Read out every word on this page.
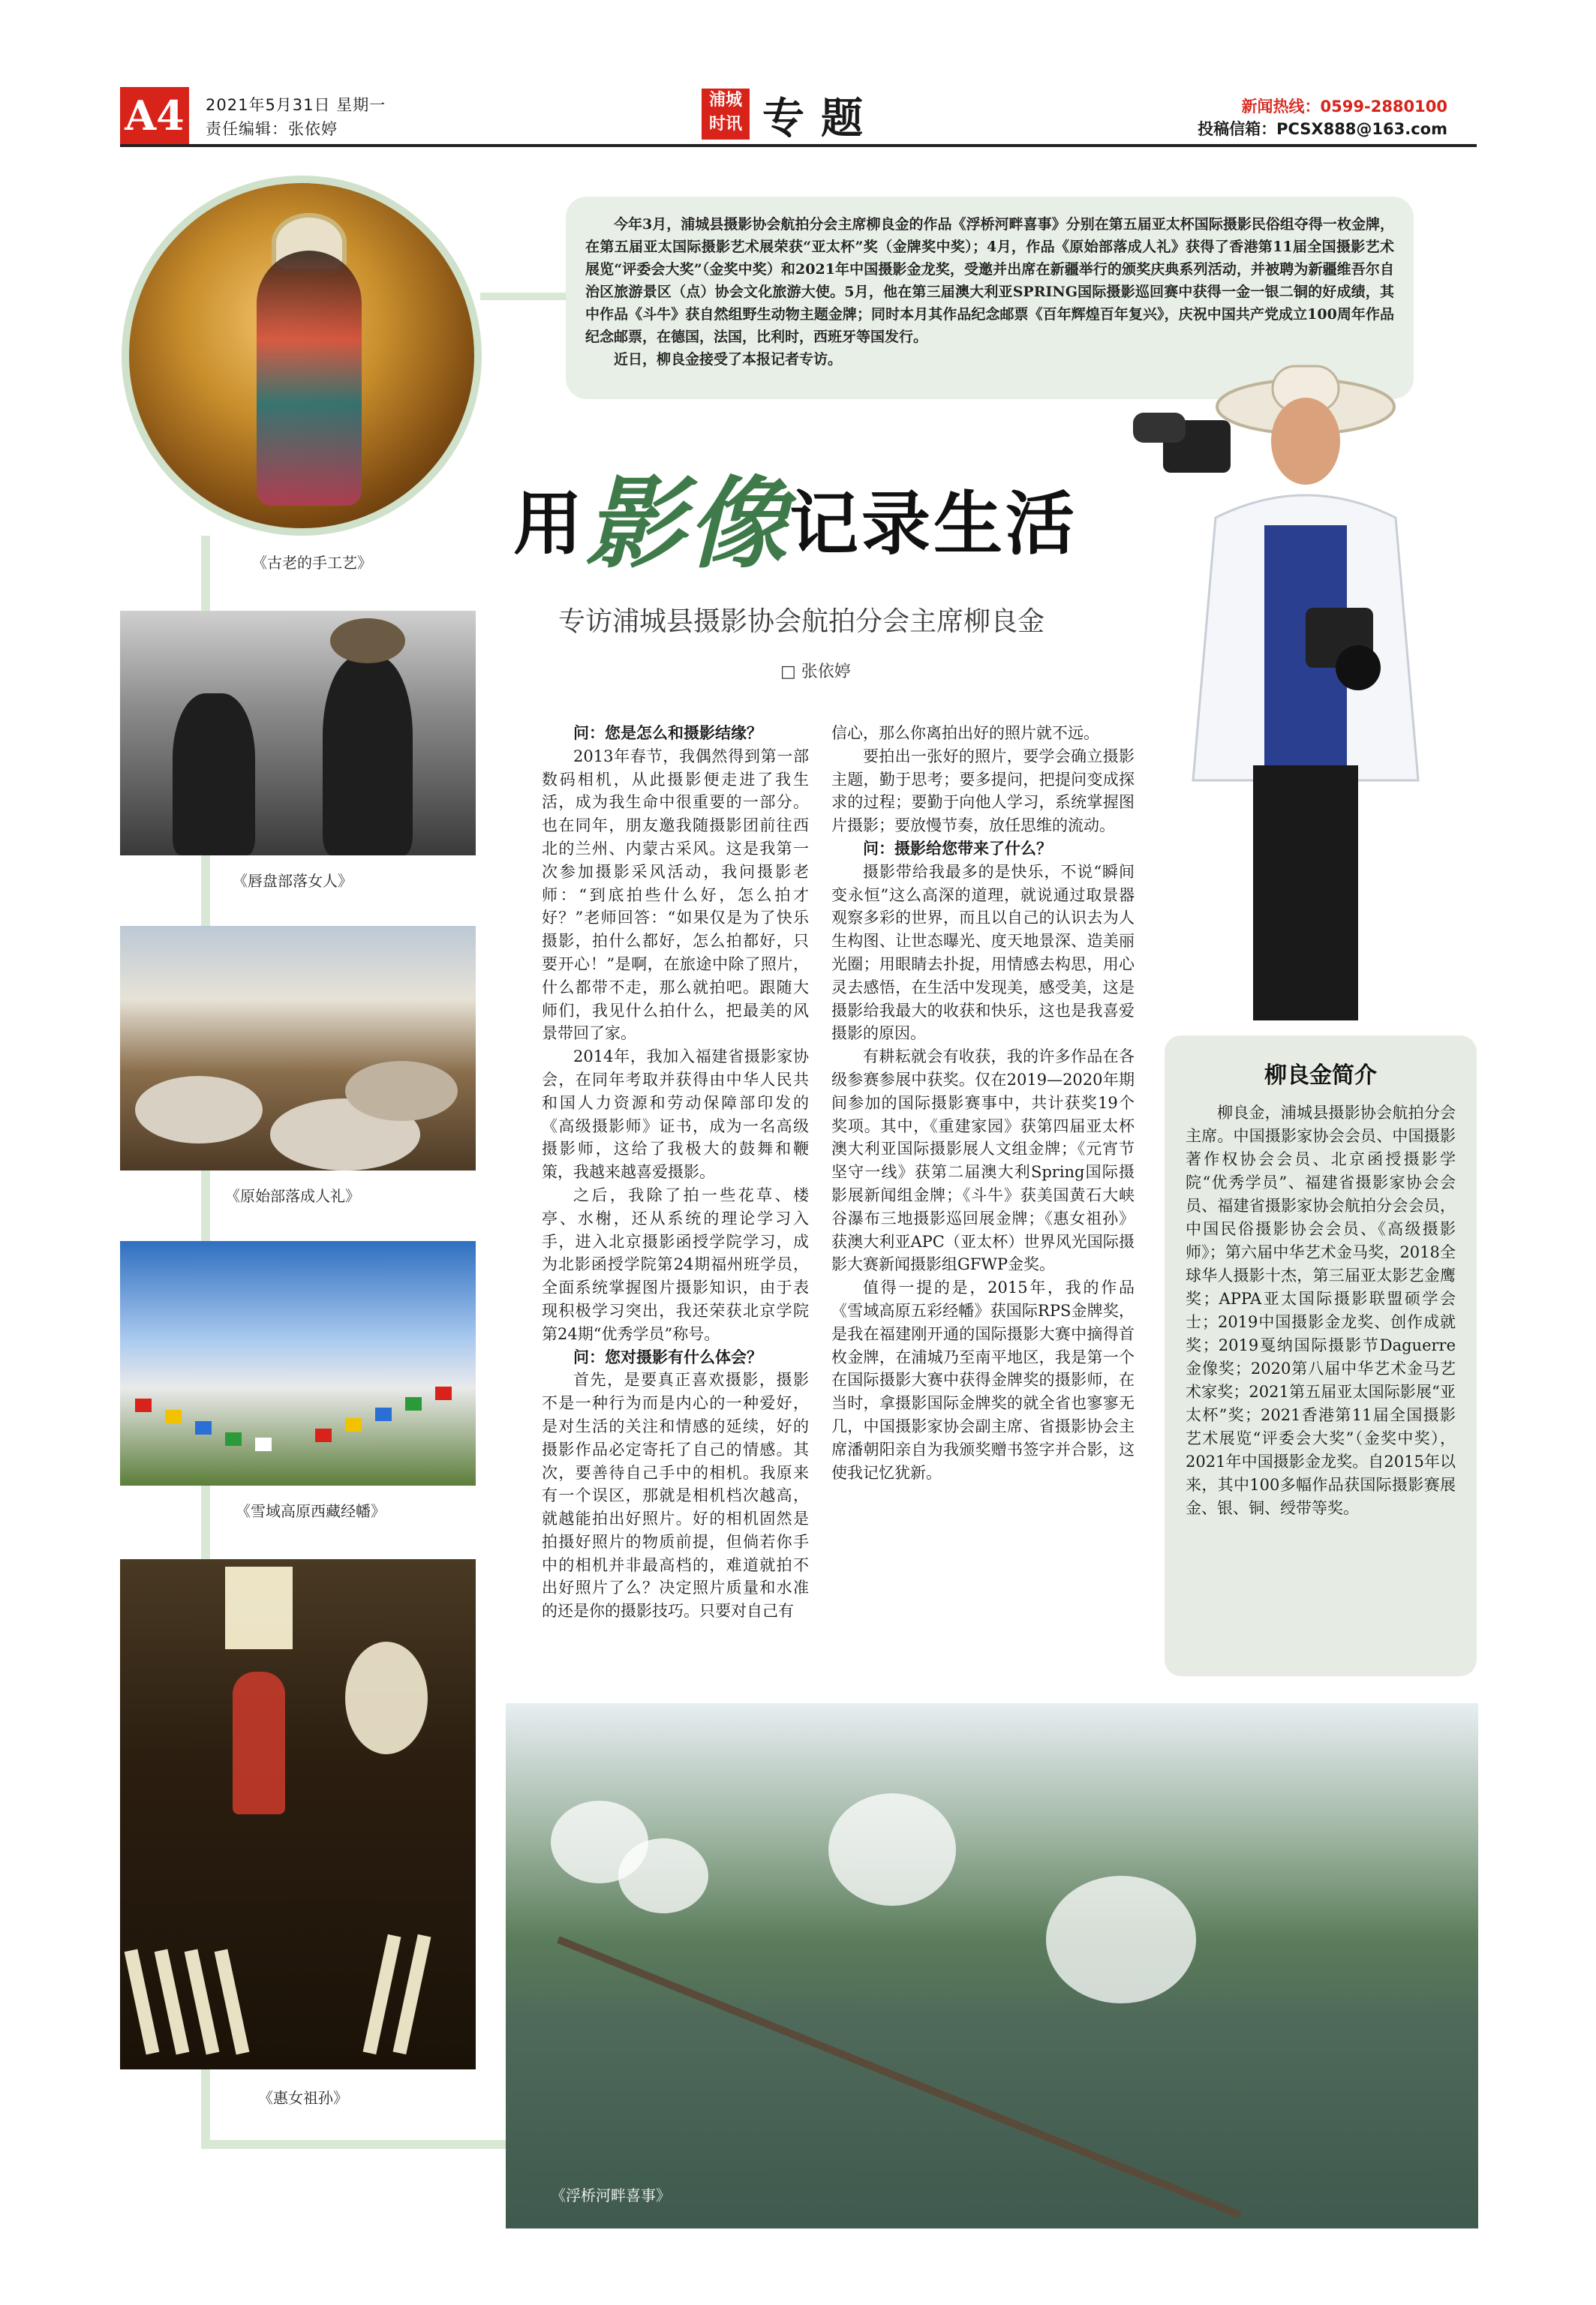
A4 2021年5月31日 星期一
责任编辑：张依婷
浦城
时讯 专题	新闻热线：0599-2880100
投稿信箱：PCSX888@163.com

今年3月，浦城县摄影协会航拍分会主席柳良金的作品《浮桥河畔喜事》分别在第五届亚太杯国际摄影民俗组夺得一枚金牌，在第五届亚太国际摄影艺术展荣获“亚太杯”奖（金牌奖中奖）；4月，作品《原始部落成人礼》获得了香港第11届全国摄影艺术展览“评委会大奖”（金奖中奖）和2021年中国摄影金龙奖，受邀并出席在新疆举行的颁奖庆典系列活动，并被聘为新疆维吾尔自治区旅游景区（点）协会文化旅游大使。5月，他在第三届澳大利亚SPRING国际摄影巡回赛中获得一金一银二铜的好成绩，其中作品《斗牛》获自然组野生动物主题金牌；同时本月其作品纪念邮票《百年辉煌百年复兴》，庆祝中国共产党成立100周年作品纪念邮票，在德国，法国，比利时，西班牙等国发行。

近日，柳良金接受了本报记者专访。

《古老的手工艺》 用影像记录生活
专访浦城县摄影协会航拍分会主席柳良金
□ 张依婷
《唇盘部落女人》
《原始部落成人礼》
《雪域高原西藏经幡》
《惠女祖孙》
《浮桥河畔喜事》

问：您是怎么和摄影结缘？

2013年春节，我偶然得到第一部数码相机，从此摄影便走进了我生活，成为我生命中很重要的一部分。也在同年，朋友邀我随摄影团前往西北的兰州、内蒙古采风。这是我第一次参加摄影采风活动，我问摄影老师：“到底拍些什么好，怎么拍才好？”老师回答：“如果仅是为了快乐摄影，拍什么都好，怎么拍都好，只要开心！”是啊，在旅途中除了照片，什么都带不走，那么就拍吧。跟随大师们，我见什么拍什么，把最美的风景带回了家。

2014年，我加入福建省摄影家协会，在同年考取并获得由中华人民共和国人力资源和劳动保障部印发的《高级摄影师》证书，成为一名高级摄影师，这给了我极大的鼓舞和鞭策，我越来越喜爱摄影。

之后，我除了拍一些花草、楼亭、水榭，还从系统的理论学习入手，进入北京摄影函授学院学习，成为北影函授学院第24期福州班学员，全面系统掌握图片摄影知识，由于表现积极学习突出，我还荣获北京学院第24期“优秀学员”称号。

问：您对摄影有什么体会？

首先，是要真正喜欢摄影，摄影不是一种行为而是内心的一种爱好，是对生活的关注和情感的延续，好的摄影作品必定寄托了自己的情感。其次，要善待自己手中的相机。我原来有一个误区，那就是相机档次越高，就越能拍出好照片。好的相机固然是拍摄好照片的物质前提，但倘若你手中的相机并非最高档的，难道就拍不出好照片了么？决定照片质量和水准的还是你的摄影技巧。只要对自己有

信心，那么你离拍出好的照片就不远。

要拍出一张好的照片，要学会确立摄影主题，勤于思考；要多提问，把提问变成探求的过程；要勤于向他人学习，系统掌握图片摄影；要放慢节奏，放任思维的流动。

问：摄影给您带来了什么？

摄影带给我最多的是快乐，不说“瞬间变永恒”这么高深的道理，就说通过取景器观察多彩的世界，而且以自己的认识去为人生构图、让世态曝光、度天地景深、造美丽光圈；用眼睛去扑捉，用情感去构思，用心灵去感悟，在生活中发现美，感受美，这是摄影给我最大的收获和快乐，这也是我喜爱摄影的原因。

有耕耘就会有收获，我的许多作品在各级参赛参展中获奖。仅在2019—2020年期间参加的国际摄影赛事中，共计获奖19个奖项。其中，《重建家园》获第四届亚太杯澳大利亚国际摄影展人文组金牌；《元宵节坚守一线》获第二届澳大利Spring国际摄影展新闻组金牌；《斗牛》获美国黄石大峡谷瀑布三地摄影巡回展金牌；《惠女祖孙》获澳大利亚APC（亚太杯）世界风光国际摄影大赛新闻摄影组GFWP金奖。

值得一提的是，2015年，我的作品《雪域高原五彩经幡》获国际RPS金牌奖，是我在福建刚开通的国际摄影大赛中摘得首枚金牌，在浦城乃至南平地区，我是第一个在国际摄影大赛中获得金牌奖的摄影师，在当时，拿摄影国际金牌奖的就全省也寥寥无几，中国摄影家协会副主席、省摄影协会主席潘朝阳亲自为我颁奖赠书签字并合影，这使我记忆犹新。

柳良金简介

柳良金，浦城县摄影协会航拍分会主席。中国摄影家协会会员、中国摄影著作权协会会员、北京函授摄影学院“优秀学员”、福建省摄影家协会会员、福建省摄影家协会航拍分会会员，中国民俗摄影协会会员、《高级摄影师》；第六届中华艺术金马奖，2018全球华人摄影十杰，第三届亚太影艺金鹰奖；APPA亚太国际摄影联盟硕学会士；2019中国摄影金龙奖、创作成就奖；2019戛纳国际摄影节Daguerre金像奖；2020第八届中华艺术金马艺术家奖；2021第五届亚太国际影展“亚太杯”奖；2021香港第11届全国摄影艺术展览“评委会大奖”（金奖中奖），2021年中国摄影金龙奖。自2015年以来，其中100多幅作品获国际摄影赛展金、银、铜、绶带等奖。
